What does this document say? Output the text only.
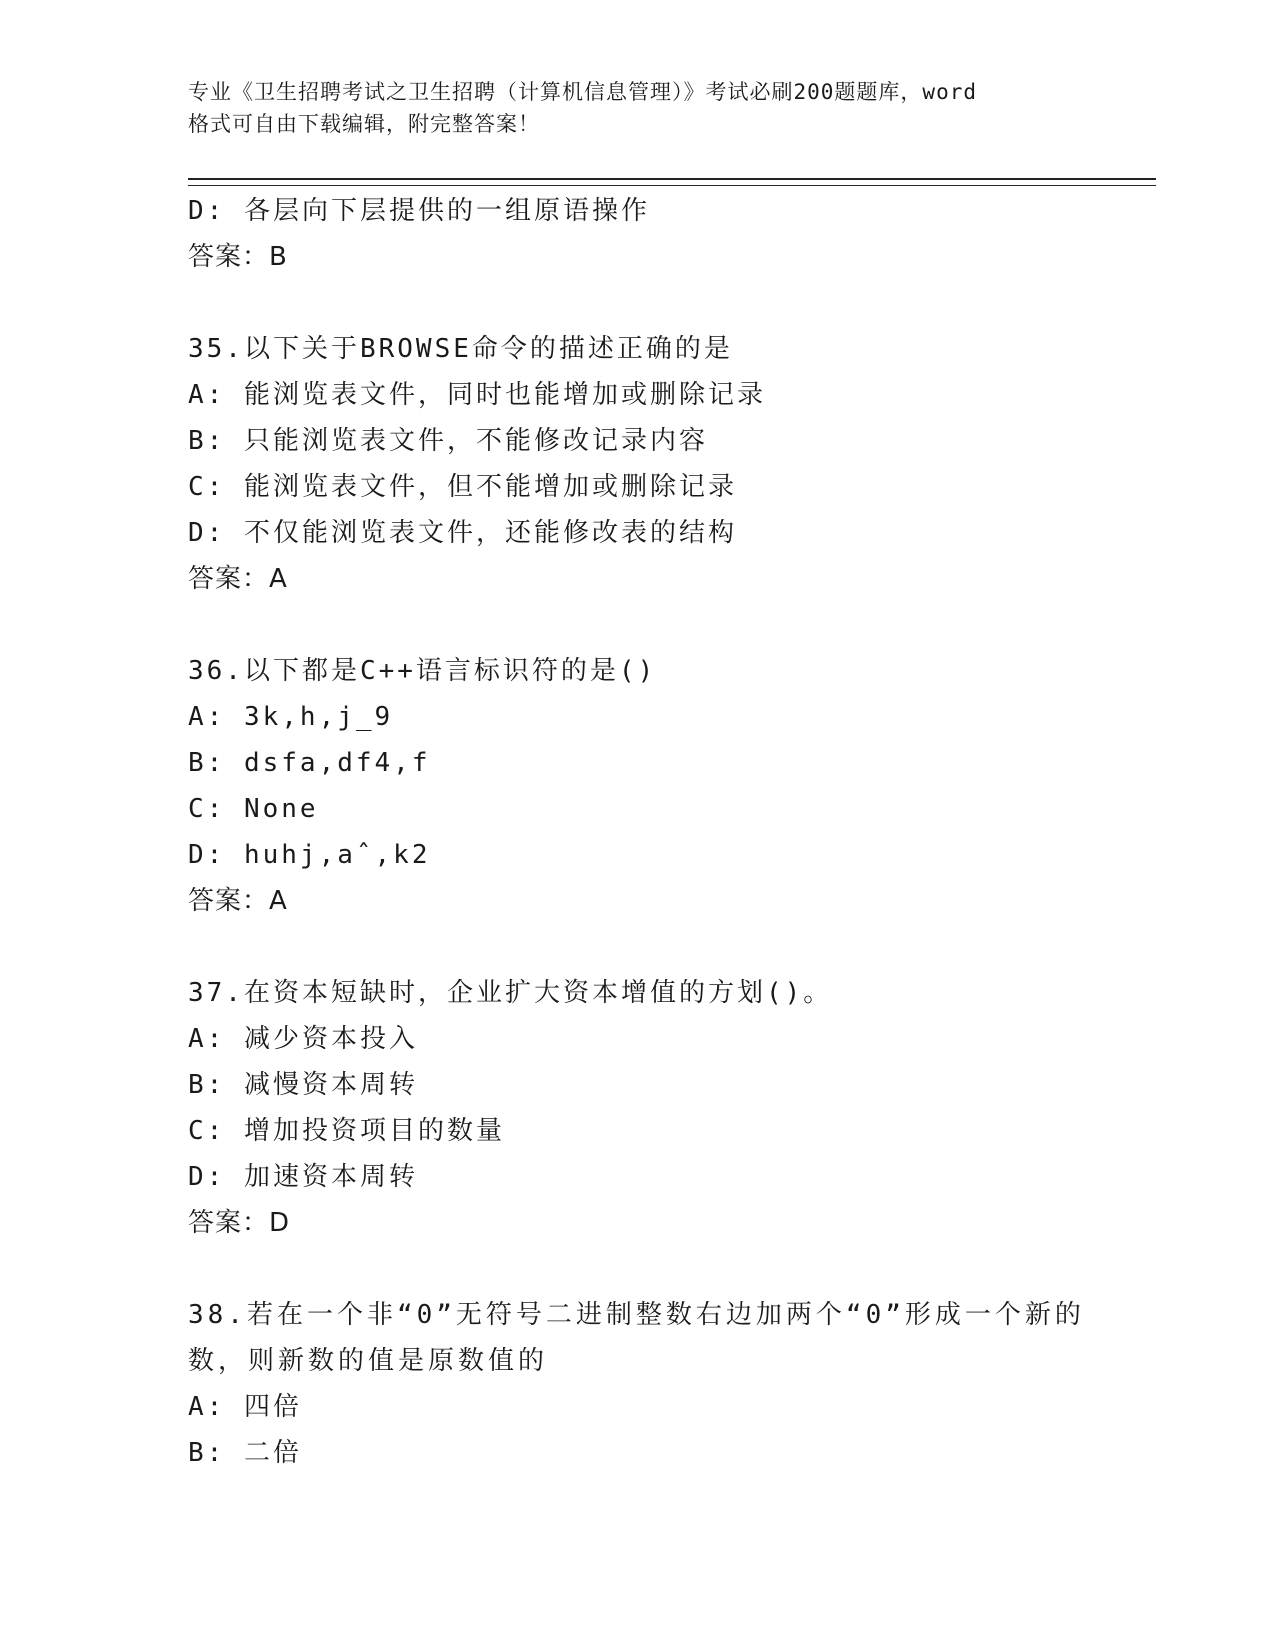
专业《卫生招聘考试之卫生招聘（计算机信息管理）》考试必刷200题题库，word
格式可自由下载编辑，附完整答案！
D: 各层向下层提供的一组原语操作
答案：B
35.以下关于BROWSE命令的描述正确的是
A: 能浏览表文件，同时也能增加或删除记录
B: 只能浏览表文件，不能修改记录内容
C: 能浏览表文件，但不能增加或删除记录
D: 不仅能浏览表文件，还能修改表的结构
答案：A
36.以下都是C++语言标识符的是()
A: 3k,h,j_9
B: dsfa,df4,f
C: None
D: huhj,aˆ,k2
答案：A
37.在资本短缺时，企业扩大资本增值的方划()。
A: 减少资本投入
B: 减慢资本周转
C: 增加投资项目的数量
D: 加速资本周转
答案：D
38.若在一个非“0”无符号二进制整数右边加两个“0”形成一个新的数，则新数的值是原数值的
A: 四倍
B: 二倍
